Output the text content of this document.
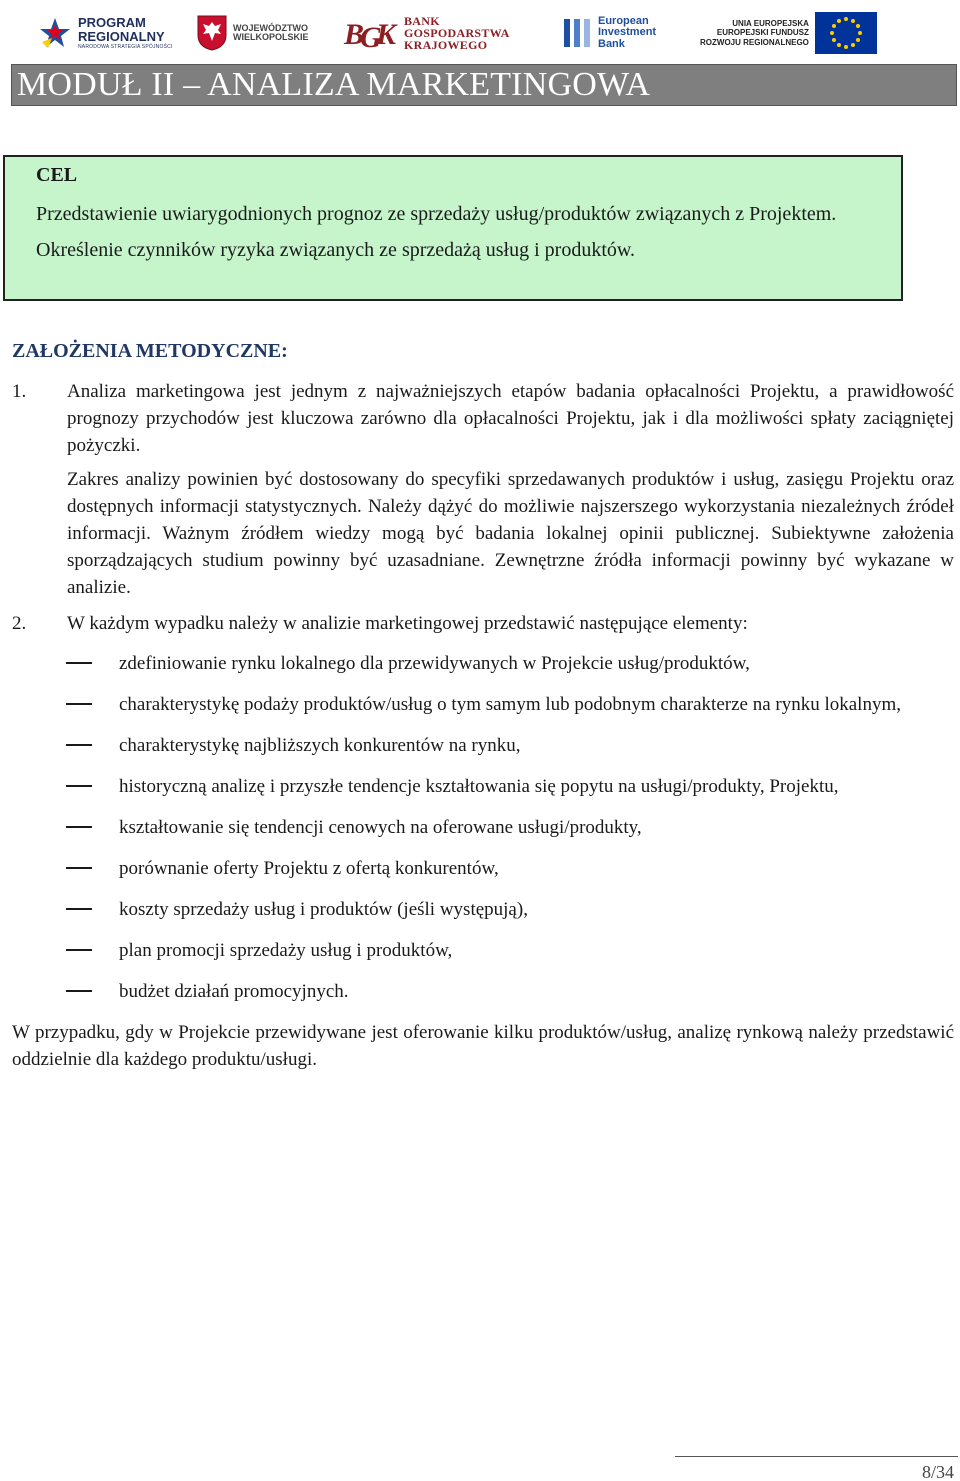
PROGRAM
REGIONALNY
NARODOWA STRATEGIA SPÓJNOŚCI
WOJEWÓDZTWO
WIELKOPOLSKIE B
G
K BANK
GOSPODARSTWA
KRAJOWEGO
European
Investment
Bank
UNIA EUROPEJSKA
EUROPEJSKI FUNDUSZ
ROZWOJU REGIONALNEGO
MODUŁ II – ANALIZA MARKETINGOWA
CEL

Przedstawienie uwiarygodnionych prognoz ze sprzedaży usług/produktów związanych z Projektem.

Określenie czynników ryzyka związanych ze sprzedażą usług i produktów.

ZAŁOŻENIA METODYCZNE:
1. Analiza marketingowa jest jednym z najważniejszych etapów badania opłacalności Projektu, a prawidłowość prognozy przychodów jest kluczowa zarówno dla opłacalności Projektu, jak i dla możliwości spłaty zaciągniętej pożyczki.

Zakres analizy powinien być dostosowany do specyfiki sprzedawanych produktów i usług, zasięgu Projektu oraz dostępnych informacji statystycznych. Należy dążyć do możliwie najszerszego wykorzystania niezależnych źródeł informacji. Ważnym źródłem wiedzy mogą być badania lokalnej opinii publicznej. Subiektywne założenia sporządzających studium powinny być uzasadniane. Zewnętrzne źródła informacji powinny być wykazane w analizie.

2. W każdym wypadku należy w analizie marketingowej przedstawić następujące elementy:

zdefiniowanie rynku lokalnego dla przewidywanych w Projekcie usług/produktów,
charakterystykę podaży produktów/usług o tym samym lub podobnym charakterze na rynku lokalnym,
charakterystykę najbliższych konkurentów na rynku,
historyczną analizę i przyszłe tendencje kształtowania się popytu na usługi/produkty, Projektu,
kształtowanie się tendencji cenowych na oferowane usługi/produkty,
porównanie oferty Projektu z ofertą konkurentów,
koszty sprzedaży usług i produktów (jeśli występują),
plan promocji sprzedaży usług i produktów,
budżet działań promocyjnych.

W przypadku, gdy w Projekcie przewidywane jest oferowanie kilku produktów/usług, analizę rynkową należy przedstawić oddzielnie dla każdego produktu/usługi.

8/34
